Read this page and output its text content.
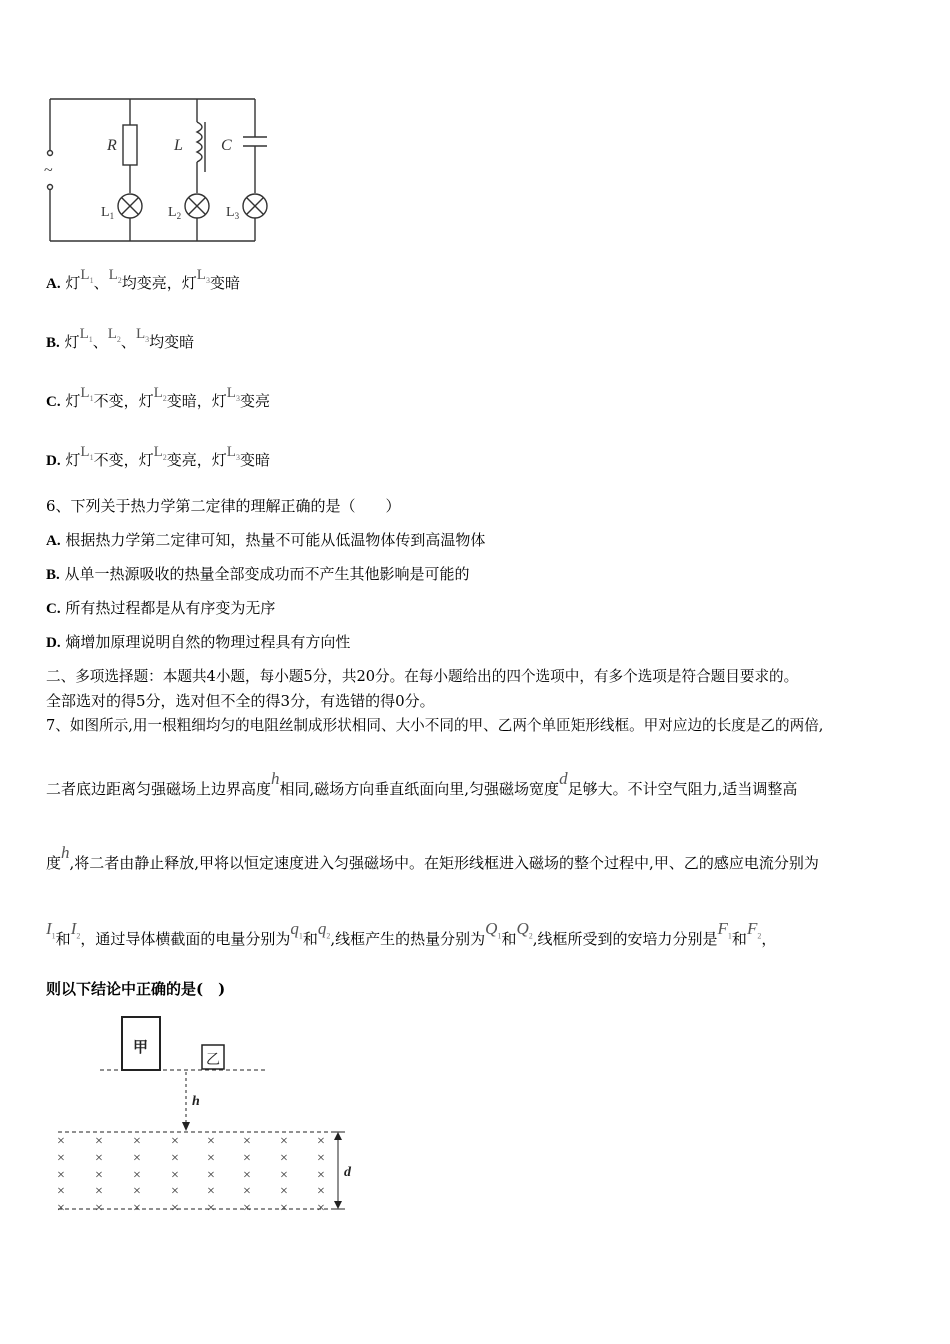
~
R	L C
$L_1$	$L_2$	$L_3$
A. 灯$L_1$、$L_2$均变亮，灯$L_3$变暗
B. 灯$L_1$、$L_2$、$L_3$均变暗
C. 灯$L_1$不变，灯$L_2$变暗，灯$L_3$变亮
D. 灯$L_1$不变，灯$L_2$变亮，灯$L_3$变暗
6、下列关于热力学第二定律的理解正确的是（　　）
A. 根据热力学第二定律可知，热量不可能从低温物体传到高温物体
B. 从单一热源吸收的热量全部变成功而不产生其他影响是可能的
C. 所有热过程都是从有序变为无序
D. 熵增加原理说明自然的物理过程具有方向性
二、多项选择题：本题共4小题，每小题5分，共20分。在每小题给出的四个选项中，有多个选项是符合题目要求的。
全部选对的得5分，选对但不全的得3分，有选错的得0分。
7、如图所示,用一根粗细均匀的电阻丝制成形状相同、大小不同的甲、乙两个单匝矩形线框。甲对应边的长度是乙的两倍,
二者底边距离匀强磁场上边界高度h相同,磁场方向垂直纸面向里,匀强磁场宽度d足够大。不计空气阻力,适当调整高
度h,将二者由静止释放,甲将以恒定速度进入匀强磁场中。在矩形线框进入磁场的整个过程中,甲、乙的感应电流分别为
$I_1$和$I_2$，通过导体横截面的电量分别为$q_1$和$q_2$,线框产生的热量分别为$Q_1$和$Q_2$,线框所受到的安培力分别是$F_1$和$F_2$，
则以下结论中正确的是(　)
甲
乙
h
d
× × × × × × × ×
× × × × × × × ×
× × × × × × × ×
× × × × × × × ×
× × × × × × × ×
